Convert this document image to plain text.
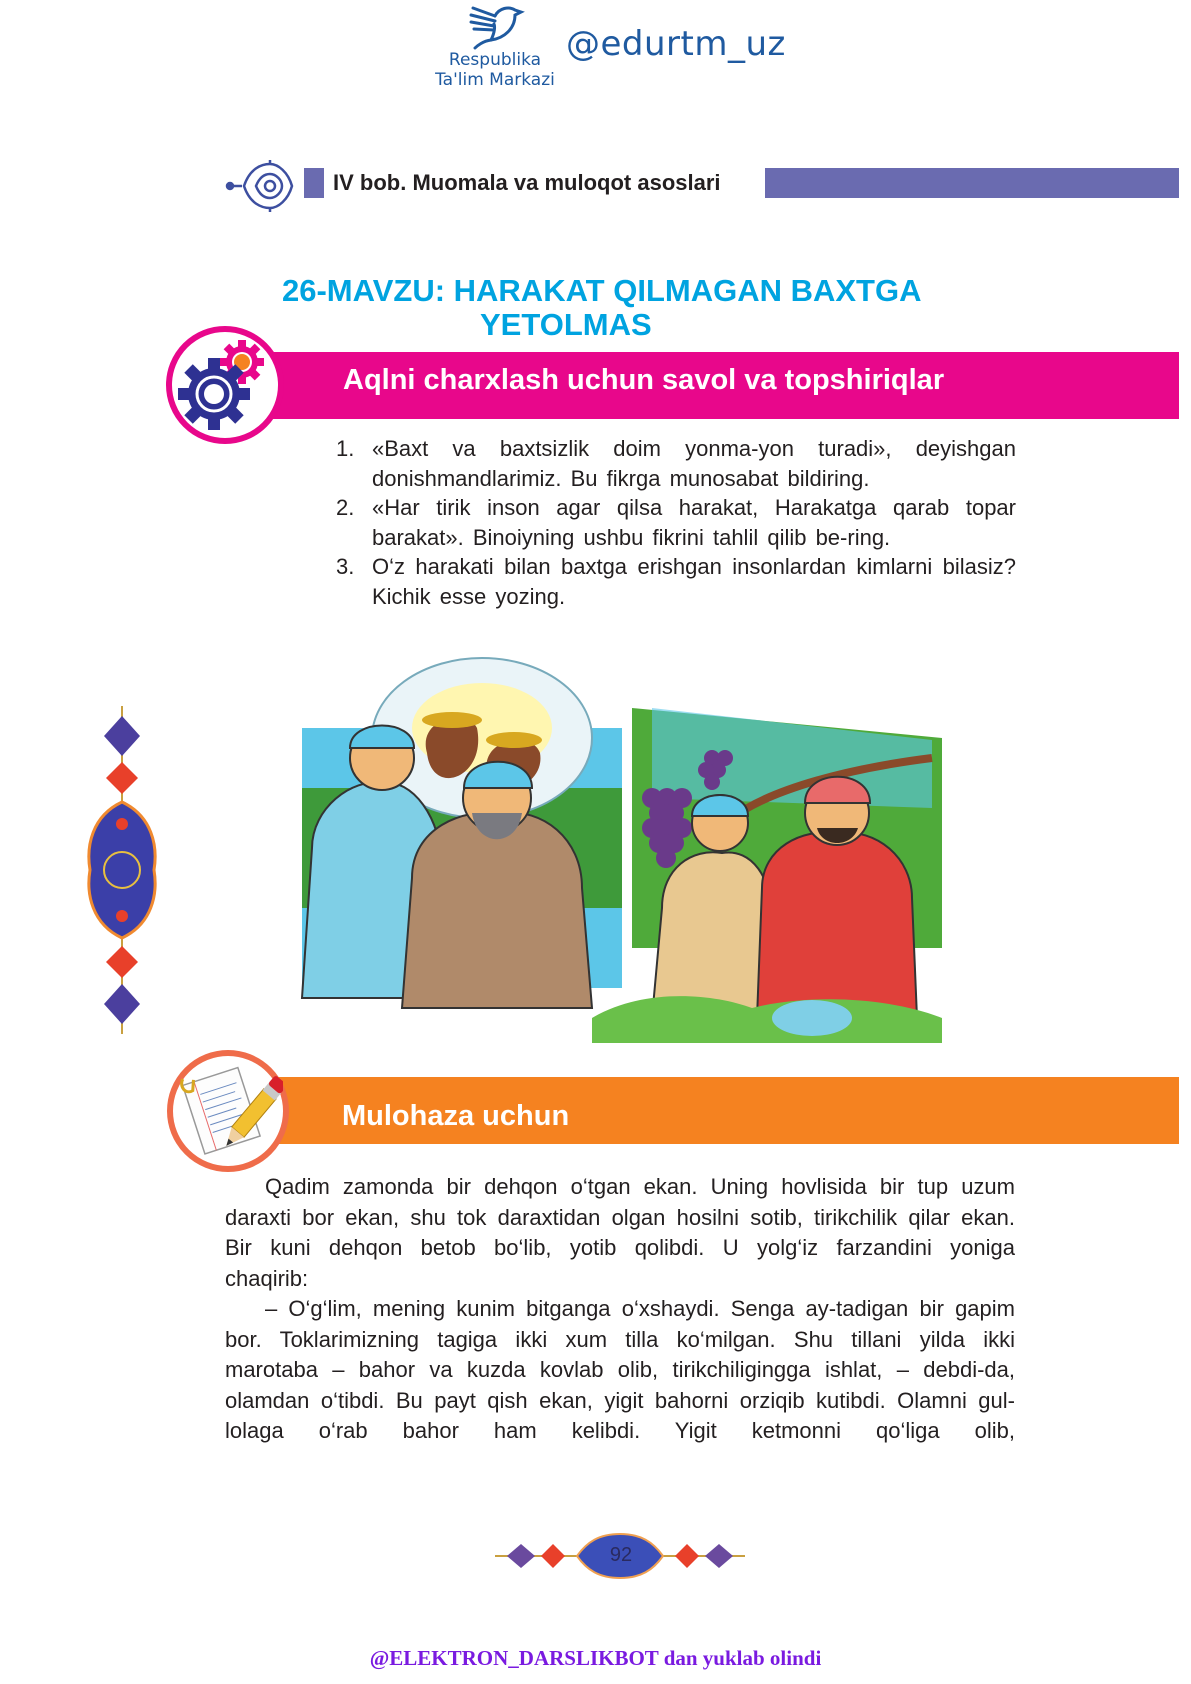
Respublika
Ta'lim Markazi
@edurtm_uz
IV bob. Muomala va muloqot asoslari
26-MAVZU: HARAKAT QILMAGAN BAXTGA
YETOLMAS
Aqlni charxlash uchun savol va topshiriqlar
1. «Baxt va baxtsizlik doim yonma-yon turadi», deyishgan donishmandlarimiz. Bu fikrga munosabat bildiring.
2. «Har tirik inson agar qilsa harakat, Harakatga qarab topar barakat». Binoiyning ushbu fikrini tahlil qilib be-ring.
3. O‘z harakati bilan baxtga erishgan insonlardan kimlarni bilasiz? Kichik esse yozing.
Mulohaza uchun

Qadim zamonda bir dehqon o‘tgan ekan. Uning hovlisida bir tup uzum daraxti bor ekan, shu tok daraxtidan olgan hosilni sotib, tirikchilik qilar ekan. Bir kuni dehqon betob bo‘lib, yotib qolibdi. U yolg‘iz farzandini yoniga chaqirib:

– O‘g‘lim, mening kunim bitganga o‘xshaydi. Senga ay-tadigan bir gapim bor. Toklarimizning tagiga ikki xum tilla ko‘milgan. Shu tillani yilda ikki marotaba – bahor va kuzda kovlab olib, tirikchiligingga ishlat, – debdi-da, olamdan o‘tibdi. Bu payt qish ekan, yigit bahorni orziqib kutibdi. Olamni gul-lolaga o‘rab bahor ham kelibdi. Yigit ketmonni qo‘liga olib,

92
@ELEKTRON_DARSLIKBOT dan yuklab olindi
